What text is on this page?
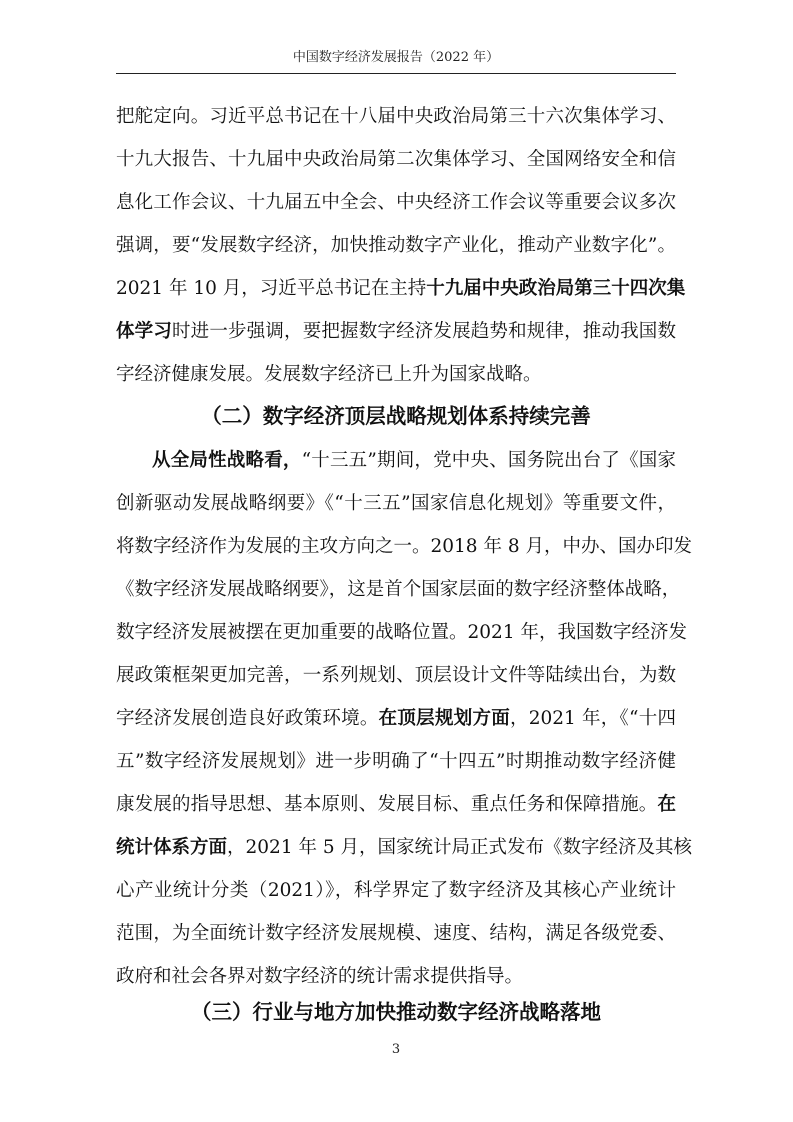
中国数字经济发展报告（2022 年）
把舵定向。习近平总书记在十八届中央政治局第三十六次集体学习、
十九大报告、十九届中央政治局第二次集体学习、全国网络安全和信
息化工作会议、十九届五中全会、中央经济工作会议等重要会议多次
强调，要“发展数字经济，加快推动数字产业化，推动产业数字化”。
2021 年 10 月，习近平总书记在主持十九届中央政治局第三十四次集
体学习时进一步强调，要把握数字经济发展趋势和规律，推动我国数
字经济健康发展。发展数字经济已上升为国家战略。
（二）数字经济顶层战略规划体系持续完善
从全局性战略看，“十三五”期间，党中央、国务院出台了《国家
创新驱动发展战略纲要》《“十三五”国家信息化规划》等重要文件，
将数字经济作为发展的主攻方向之一。2018 年 8 月，中办、国办印发
《数字经济发展战略纲要》，这是首个国家层面的数字经济整体战略，
数字经济发展被摆在更加重要的战略位置。2021 年，我国数字经济发
展政策框架更加完善，一系列规划、顶层设计文件等陆续出台，为数
字经济发展创造良好政策环境。在顶层规划方面，2021 年，《“十四
五”数字经济发展规划》进一步明确了“十四五”时期推动数字经济健
康发展的指导思想、基本原则、发展目标、重点任务和保障措施。在
统计体系方面，2021 年 5 月，国家统计局正式发布《数字经济及其核
心产业统计分类（2021）》，科学界定了数字经济及其核心产业统计
范围，为全面统计数字经济发展规模、速度、结构，满足各级党委、
政府和社会各界对数字经济的统计需求提供指导。
（三）行业与地方加快推动数字经济战略落地
3
